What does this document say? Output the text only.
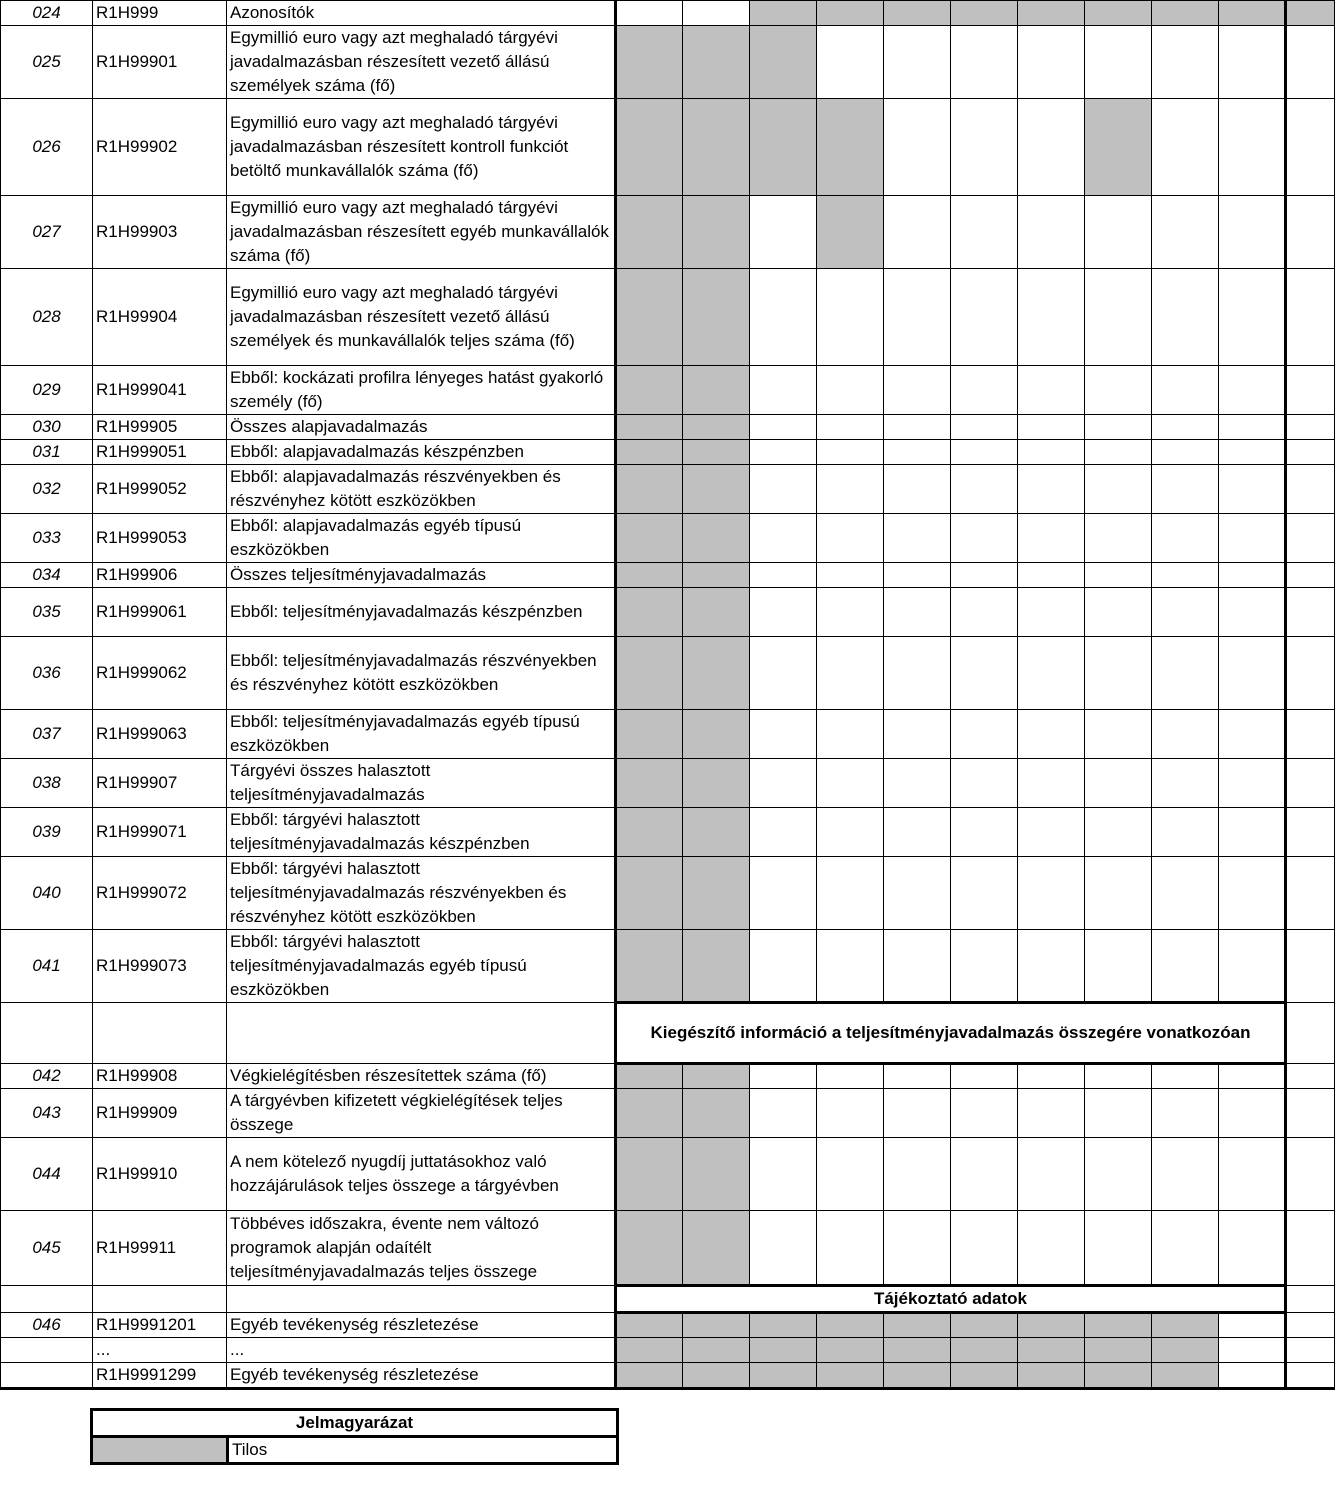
024	R1H999	Azonosítók											
025	R1H99901	Egymillió euro vagy azt meghaladó tárgyévi javadalmazásban részesített vezető állású személyek száma (fő)											
026	R1H99902	Egymillió euro vagy azt meghaladó tárgyévi javadalmazásban részesített kontroll funkciót betöltő munkavállalók száma (fő)											
027	R1H99903	Egymillió euro vagy azt meghaladó tárgyévi javadalmazásban részesített egyéb munkavállalók száma (fő)											
028	R1H99904	Egymillió euro vagy azt meghaladó tárgyévi javadalmazásban részesített vezető állású személyek és munkavállalók teljes száma (fő)											
029	R1H999041	Ebből: kockázati profilra lényeges hatást gyakorló személy (fő)											
030	R1H99905	Összes alapjavadalmazás											
031	R1H999051	Ebből: alapjavadalmazás készpénzben											
032	R1H999052	Ebből: alapjavadalmazás részvényekben és részvényhez kötött eszközökben											
033	R1H999053	Ebből: alapjavadalmazás egyéb típusú eszközökben											
034	R1H99906	Összes teljesítményjavadalmazás											
035	R1H999061	Ebből: teljesítményjavadalmazás készpénzben											
036	R1H999062	Ebből: teljesítményjavadalmazás részvényekben és részvényhez kötött eszközökben											
037	R1H999063	Ebből: teljesítményjavadalmazás egyéb típusú eszközökben											
038	R1H99907	Tárgyévi összes halasztott teljesítményjavadalmazás											
039	R1H999071	Ebből: tárgyévi halasztott teljesítményjavadalmazás készpénzben											
040	R1H999072	Ebből: tárgyévi halasztott teljesítményjavadalmazás részvényekben és részvényhez kötött eszközökben											
041	R1H999073	Ebből: tárgyévi halasztott teljesítményjavadalmazás egyéb típusú eszközökben											

			Kiegészítő információ a teljesítményjavadalmazás összegére vonatkozóan										

042	R1H99908	Végkielégítésben részesítettek száma (fő)											
043	R1H99909	A tárgyévben kifizetett végkielégítések teljes összege											
044	R1H99910	A nem kötelező nyugdíj juttatásokhoz való hozzájárulások teljes összege a tárgyévben											
045	R1H99911	Többéves időszakra, évente nem változó programok alapján odaítélt teljesítményjavadalmazás teljes összege											

			Tájékoztató adatok										

046	R1H9991201	Egyéb tevékenység részletezése											
	...	...											
	R1H9991299	Egyéb tevékenység részletezése											
Jelmagyarázat
	Tilos
